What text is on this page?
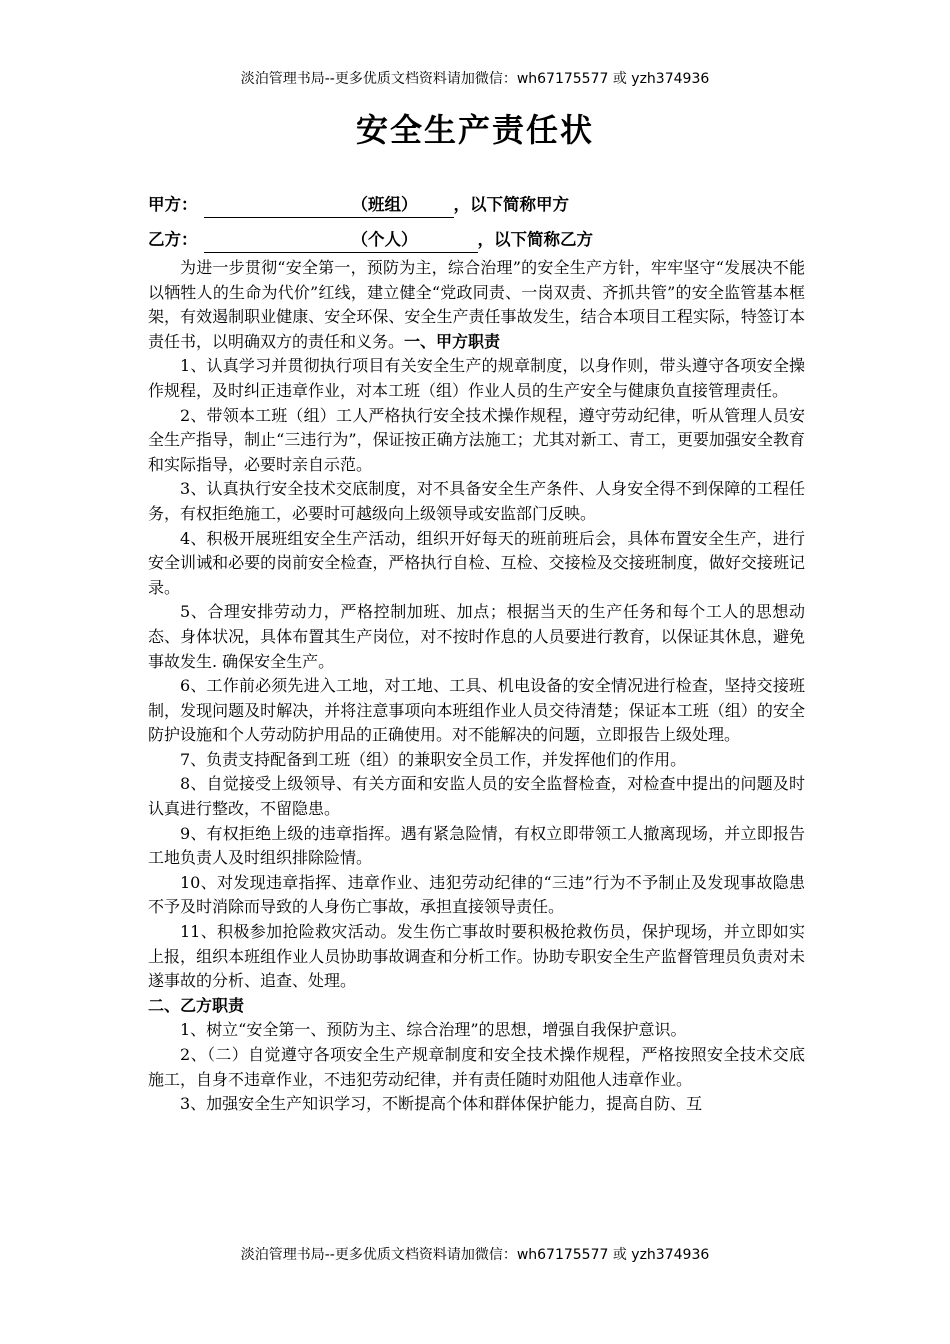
淡泊管理书局--更多优质文档资料请加微信：wh67175577 或 yzh374936
安全生产责任状
甲方：	（班组） ，以下简称甲方
乙方：	（个人）	，以下简称乙方

为进一步贯彻“安全第一，预防为主，综合治理”的安全生产方针，牢牢坚守“发展决不能以牺牲人的生命为代价”红线，建立健全“党政同责、一岗双责、齐抓共管”的安全监管基本框架，有效遏制职业健康、安全环保、安全生产责任事故发生，结合本项目工程实际，特签订本责任书，以明确双方的责任和义务。一、甲方职责

1、认真学习并贯彻执行项目有关安全生产的规章制度，以身作则，带头遵守各项安全操作规程，及时纠正违章作业，对本工班（组）作业人员的生产安全与健康负直接管理责任。

2、带领本工班（组）工人严格执行安全技术操作规程，遵守劳动纪律，听从管理人员安全生产指导，制止“三违行为”，保证按正确方法施工；尤其对新工、青工，更要加强安全教育和实际指导，必要时亲自示范。

3、认真执行安全技术交底制度，对不具备安全生产条件、人身安全得不到保障的工程任务，有权拒绝施工，必要时可越级向上级领导或安监部门反映。

4、积极开展班组安全生产活动，组织开好每天的班前班后会，具体布置安全生产，进行安全训诫和必要的岗前安全检查，严格执行自检、互检、交接检及交接班制度，做好交接班记录。

5、合理安排劳动力，严格控制加班、加点；根据当天的生产任务和每个工人的思想动态、身体状况，具体布置其生产岗位，对不按时作息的人员要进行教育，以保证其休息，避免事故发生. 确保安全生产。

6、工作前必须先进入工地，对工地、工具、机电设备的安全情况进行检查，坚持交接班制，发现问题及时解决，并将注意事项向本班组作业人员交待清楚；保证本工班（组）的安全防护设施和个人劳动防护用品的正确使用。对不能解决的问题，立即报告上级处理。

7、负责支持配备到工班（组）的兼职安全员工作，并发挥他们的作用。

8、自觉接受上级领导、有关方面和安监人员的安全监督检查，对检查中提出的问题及时认真进行整改，不留隐患。

9、有权拒绝上级的违章指挥。遇有紧急险情，有权立即带领工人撤离现场，并立即报告工地负责人及时组织排除险情。

10、对发现违章指挥、违章作业、违犯劳动纪律的“三违”行为不予制止及发现事故隐患不予及时消除而导致的人身伤亡事故，承担直接领导责任。

11、积极参加抢险救灾活动。发生伤亡事故时要积极抢救伤员，保护现场，并立即如实上报，组织本班组作业人员协助事故调查和分析工作。协助专职安全生产监督管理员负责对未遂事故的分析、追查、处理。

二、乙方职责

1、树立“安全第一、预防为主、综合治理”的思想，增强自我保护意识。

2、（二）自觉遵守各项安全生产规章制度和安全技术操作规程，严格按照安全技术交底施工，自身不违章作业，不违犯劳动纪律，并有责任随时劝阻他人违章作业。

3、加强安全生产知识学习，不断提高个体和群体保护能力，提高自防、互

淡泊管理书局--更多优质文档资料请加微信：wh67175577 或 yzh374936
